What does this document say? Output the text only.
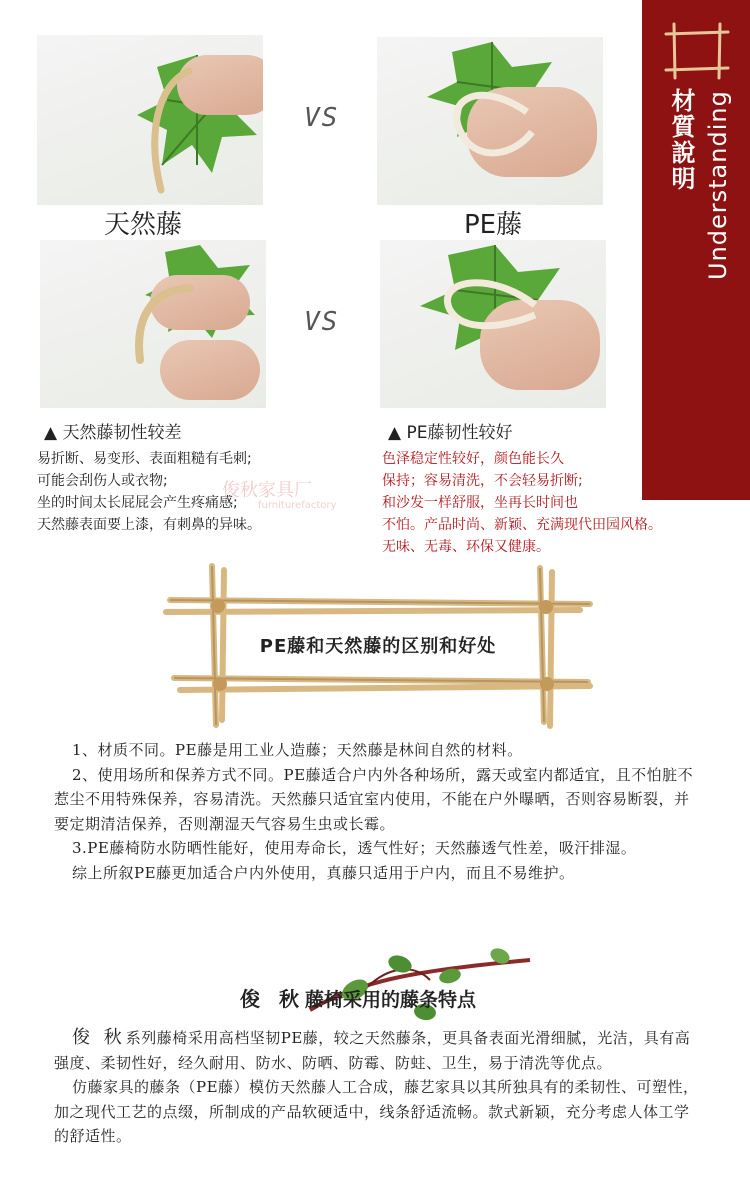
材質說明 Understanding
VS
天然藤	PE藤
VS
▲ 天然藤韧性较差	▲ PE藤韧性较好
易折断、易变形、表面粗糙有毛刺;
可能会刮伤人或衣物;
坐的时间太长屁屁会产生疼痛感;
天然藤表面要上漆，有刺鼻的异味。
色泽稳定性较好，颜色能长久
保持；容易清洗，不会轻易折断;
和沙发一样舒服，坐再长时间也
不怕。产品时尚、新颖、充满现代田园风格。
无味、无毒、环保又健康。
俊秋家具厂
furniturefactory
PE藤和天然藤的区别和好处

1、材质不同。PE藤是用工业人造藤；天然藤是林间自然的材料。

2、使用场所和保养方式不同。PE藤适合户内外各种场所，露天或室内都适宜，且不怕脏不惹尘不用特殊保养，容易清洗。天然藤只适宜室内使用，不能在户外曝晒，否则容易断裂，并要定期清洁保养，否则潮湿天气容易生虫或长霉。

3.PE藤椅防水防晒性能好，使用寿命长，透气性好；天然藤透气性差，吸汗排湿。

综上所叙PE藤更加适合户内外使用，真藤只适用于户内，而且不易维护。

俊 秋藤椅采用的藤条特点

俊 秋系列藤椅采用高档坚韧PE藤，较之天然藤条，更具备表面光滑细腻，光洁，具有高强度、柔韧性好，经久耐用、防水、防晒、防霉、防蛀、卫生，易于清洗等优点。

仿藤家具的藤条（PE藤）模仿天然藤人工合成，藤艺家具以其所独具有的柔韧性、可塑性，加之现代工艺的点缀，所制成的产品软硬适中，线条舒适流畅。款式新颖，充分考虑人体工学的舒适性。
